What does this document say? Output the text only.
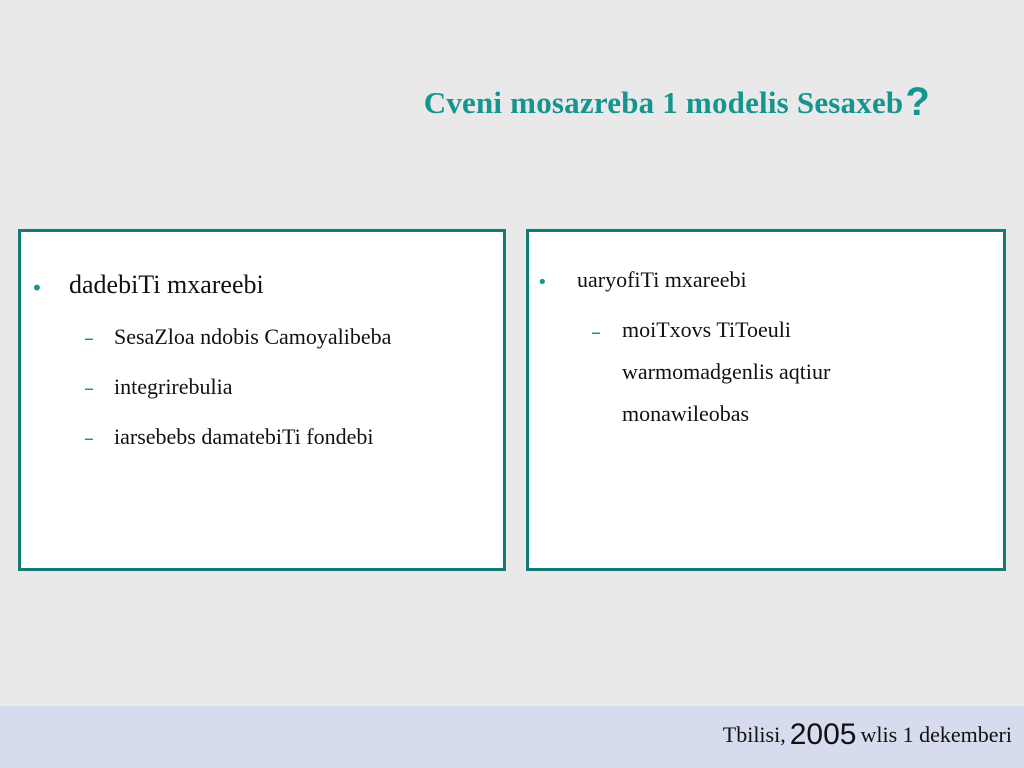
Cveni mosazreba 1 modelis Sesaxeb?
• dadebiTi mxareebi
– SesaZloa ndobis Camoyalibeba
– integrirebulia
– iarsebebs damatebiTi fondebi
• uaryofiTi mxareebi
– moiTxovs TiToeuli
warmomadgenlis aqtiur
monawileobas
Tbilisi, 2005 wlis 1 dekemberi
